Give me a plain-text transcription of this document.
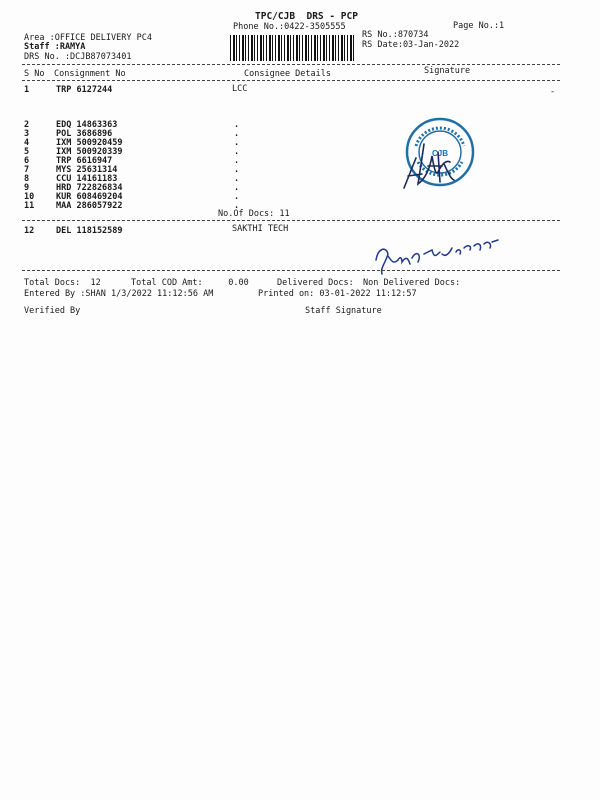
TPC/CJB  DRS - PCP
Phone No.:0422-3505555	Page No.:1
Area :OFFICE DELIVERY PC4
Staff :RAMYA
DRS No. :DCJB87073401
RS No.:870734
RS Date:03-Jan-2022
S No Consignment No	Consignee Details	Signature
1	TRP 6127244	LCC	-
2	EDQ 14863363	.
3	POL 3686896	.
4	IXM 500920459	.
5	IXM 500920339	.
6	TRP 6616947	.
7	MYS 25631314	.
8	CCU 14161183	.
9	HRD 722826834	.
10	KUR 608469204	.
11	MAA 286057922	.
No.Of Docs: 11
12	DEL 118152589	SAKTHI TECH
CJB
Total Docs:  12	Total COD Amt:     0.00	Delivered Docs: Non Delivered Docs:
Entered By :SHAN 1/3/2022 11:12:56 AM	Printed on: 03-01-2022 11:12:57
Verified By	Staff Signature
